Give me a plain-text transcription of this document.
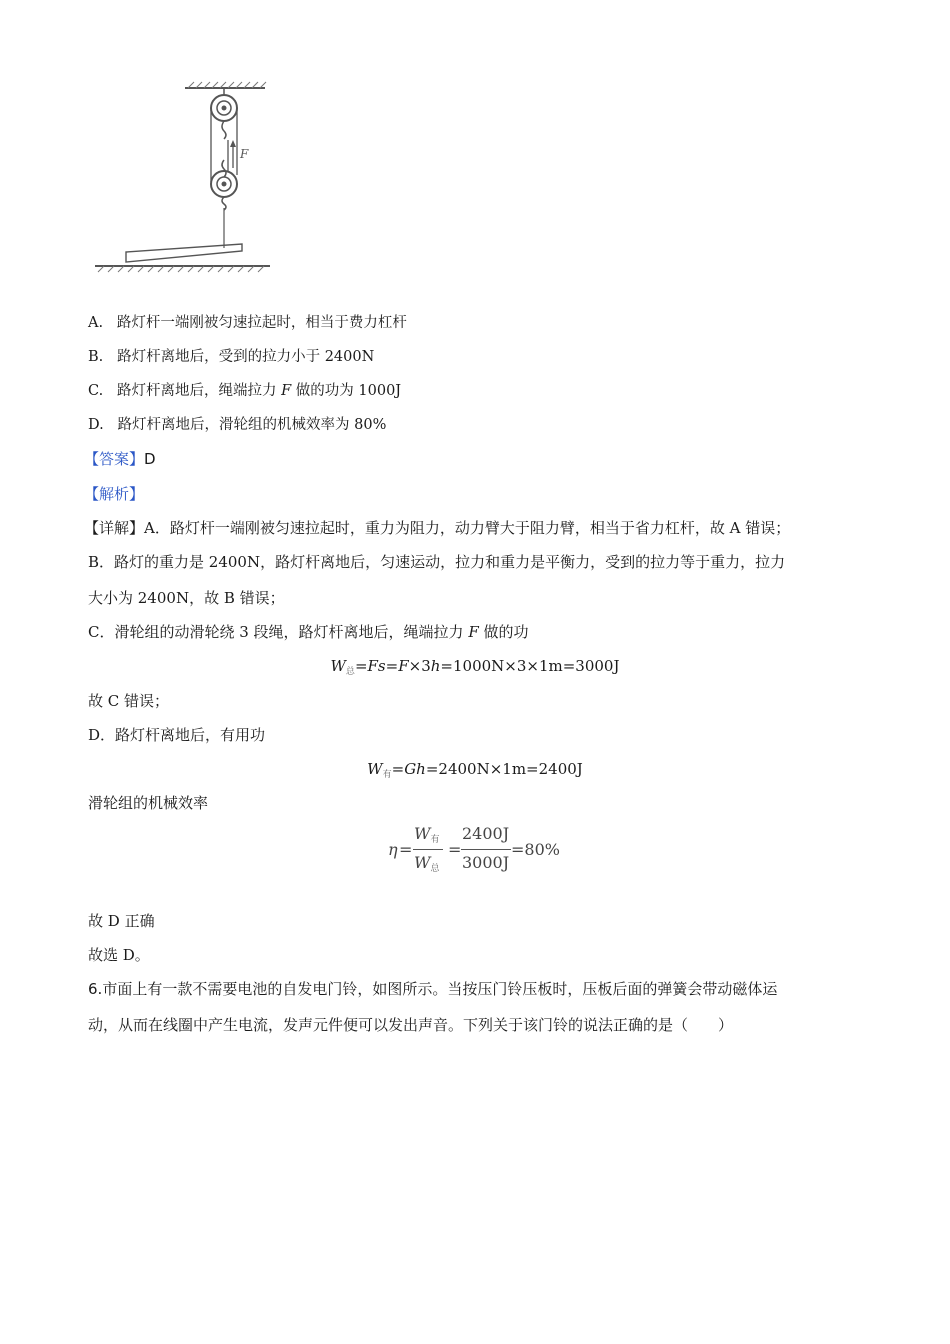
F
A. 路灯杆一端刚被匀速拉起时，相当于费力杠杆
B. 路灯杆离地后，受到的拉力小于 2400N
C. 路灯杆离地后，绳端拉力 F 做的功为 1000J
D. 路灯杆离地后，滑轮组的机械效率为 80%
【答案】D
【解析】
【详解】A．路灯杆一端刚被匀速拉起时，重力为阻力，动力臂大于阻力臂，相当于省力杠杆，故 A 错误；
B．路灯的重力是 2400N，路灯杆离地后，匀速运动，拉力和重力是平衡力，受到的拉力等于重力，拉力
大小为 2400N，故 B 错误；
C．滑轮组的动滑轮绕 3 段绳，路灯杆离地后，绳端拉力 F 做的功
$W_总=Fs=F\times 3h=1000N\times 3\times 1m=3000J$
故 C 错误；
D．路灯杆离地后，有用功
$W_有=Gh=2400N\times 1m=2400J$
滑轮组的机械效率
η =
$W_有$
$W_总$
=
2400J
3000J
=80%
故 D 正确
故选 D。
6.市面上有一款不需要电池的自发电门铃，如图所示。当按压门铃压板时，压板后面的弹簧会带动磁体运
动，从而在线圈中产生电流，发声元件便可以发出声音。下列关于该门铃的说法正确的是（　　）
